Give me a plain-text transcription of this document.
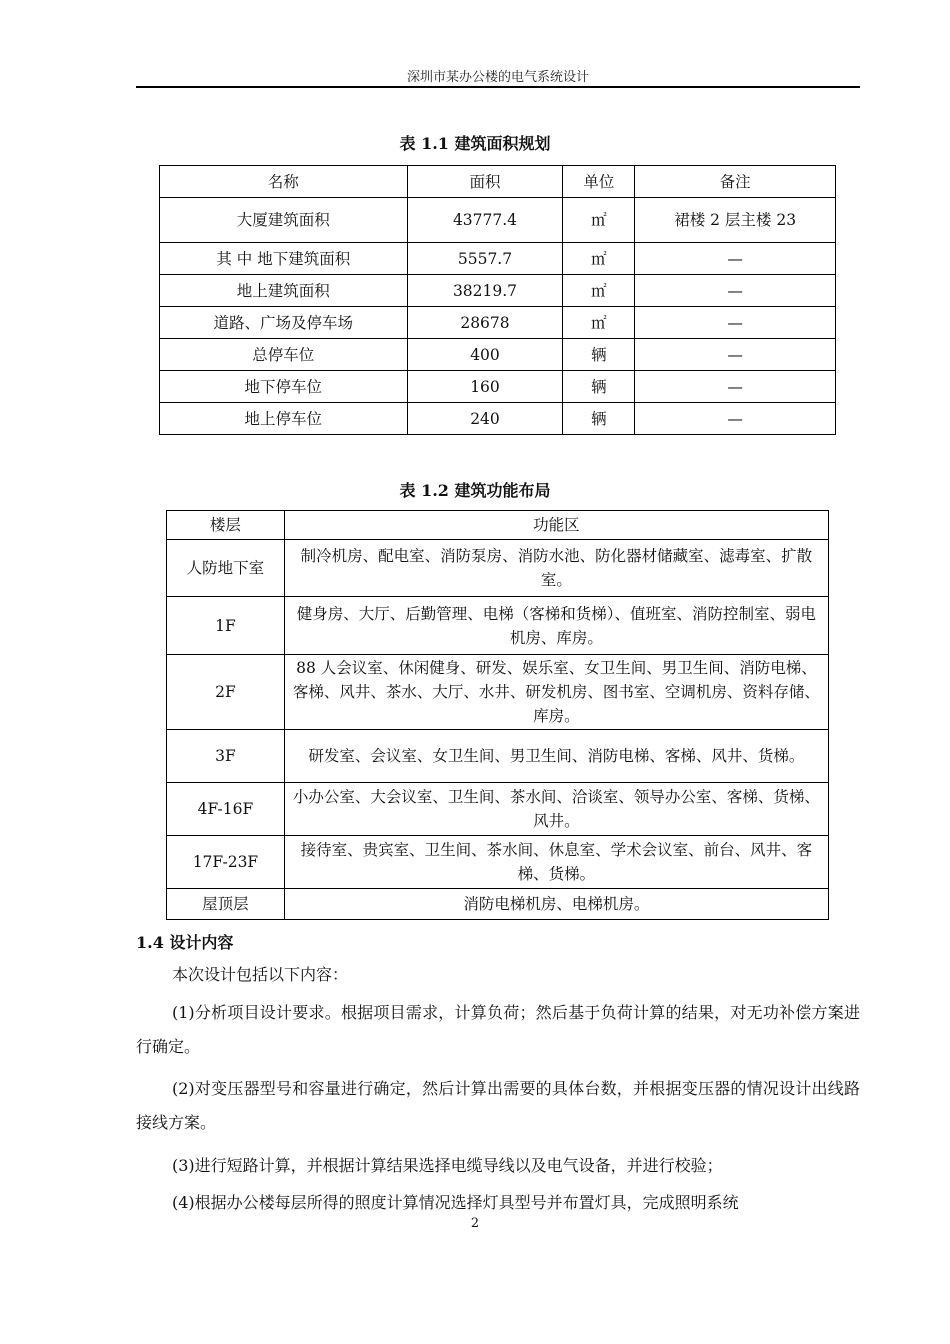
深圳市某办公楼的电气系统设计
表 1.1 建筑面积规划
名称	面积	单位	备注
大厦建筑面积	43777.4	㎡	裙楼 2 层主楼 23
其 中 地下建筑面积	5557.7	㎡	—
地上建筑面积	38219.7	㎡	—
道路、广场及停车场	28678	㎡	—
总停车位	400	辆	—
地下停车位	160	辆	—
地上停车位	240	辆	—
表 1.2 建筑功能布局
楼层	功能区
人防地下室	制冷机房、配电室、消防泵房、消防水池、防化器材储藏室、滤毒室、扩散室。
1F	健身房、大厅、后勤管理、电梯（客梯和货梯）、值班室、消防控制室、弱电机房、库房。
2F	88 人会议室、休闲健身、研发、娱乐室、女卫生间、男卫生间、消防电梯、客梯、风井、茶水、大厅、水井、研发机房、图书室、空调机房、资料存储、库房。
3F	研发室、会议室、女卫生间、男卫生间、消防电梯、客梯、风井、货梯。
4F-16F	小办公室、大会议室、卫生间、茶水间、洽谈室、领导办公室、客梯、货梯、风井。
17F-23F	接待室、贵宾室、卫生间、茶水间、休息室、学术会议室、前台、风井、客梯、货梯。
屋顶层	消防电梯机房、电梯机房。
1.4 设计内容
本次设计包括以下内容：
(1)分析项目设计要求。根据项目需求，计算负荷；然后基于负荷计算的结果，对无功补偿方案进行确定。
(2)对变压器型号和容量进行确定，然后计算出需要的具体台数，并根据变压器的情况设计出线路接线方案。
(3)进行短路计算，并根据计算结果选择电缆导线以及电气设备，并进行校验；
(4)根据办公楼每层所得的照度计算情况选择灯具型号并布置灯具，完成照明系统
2
